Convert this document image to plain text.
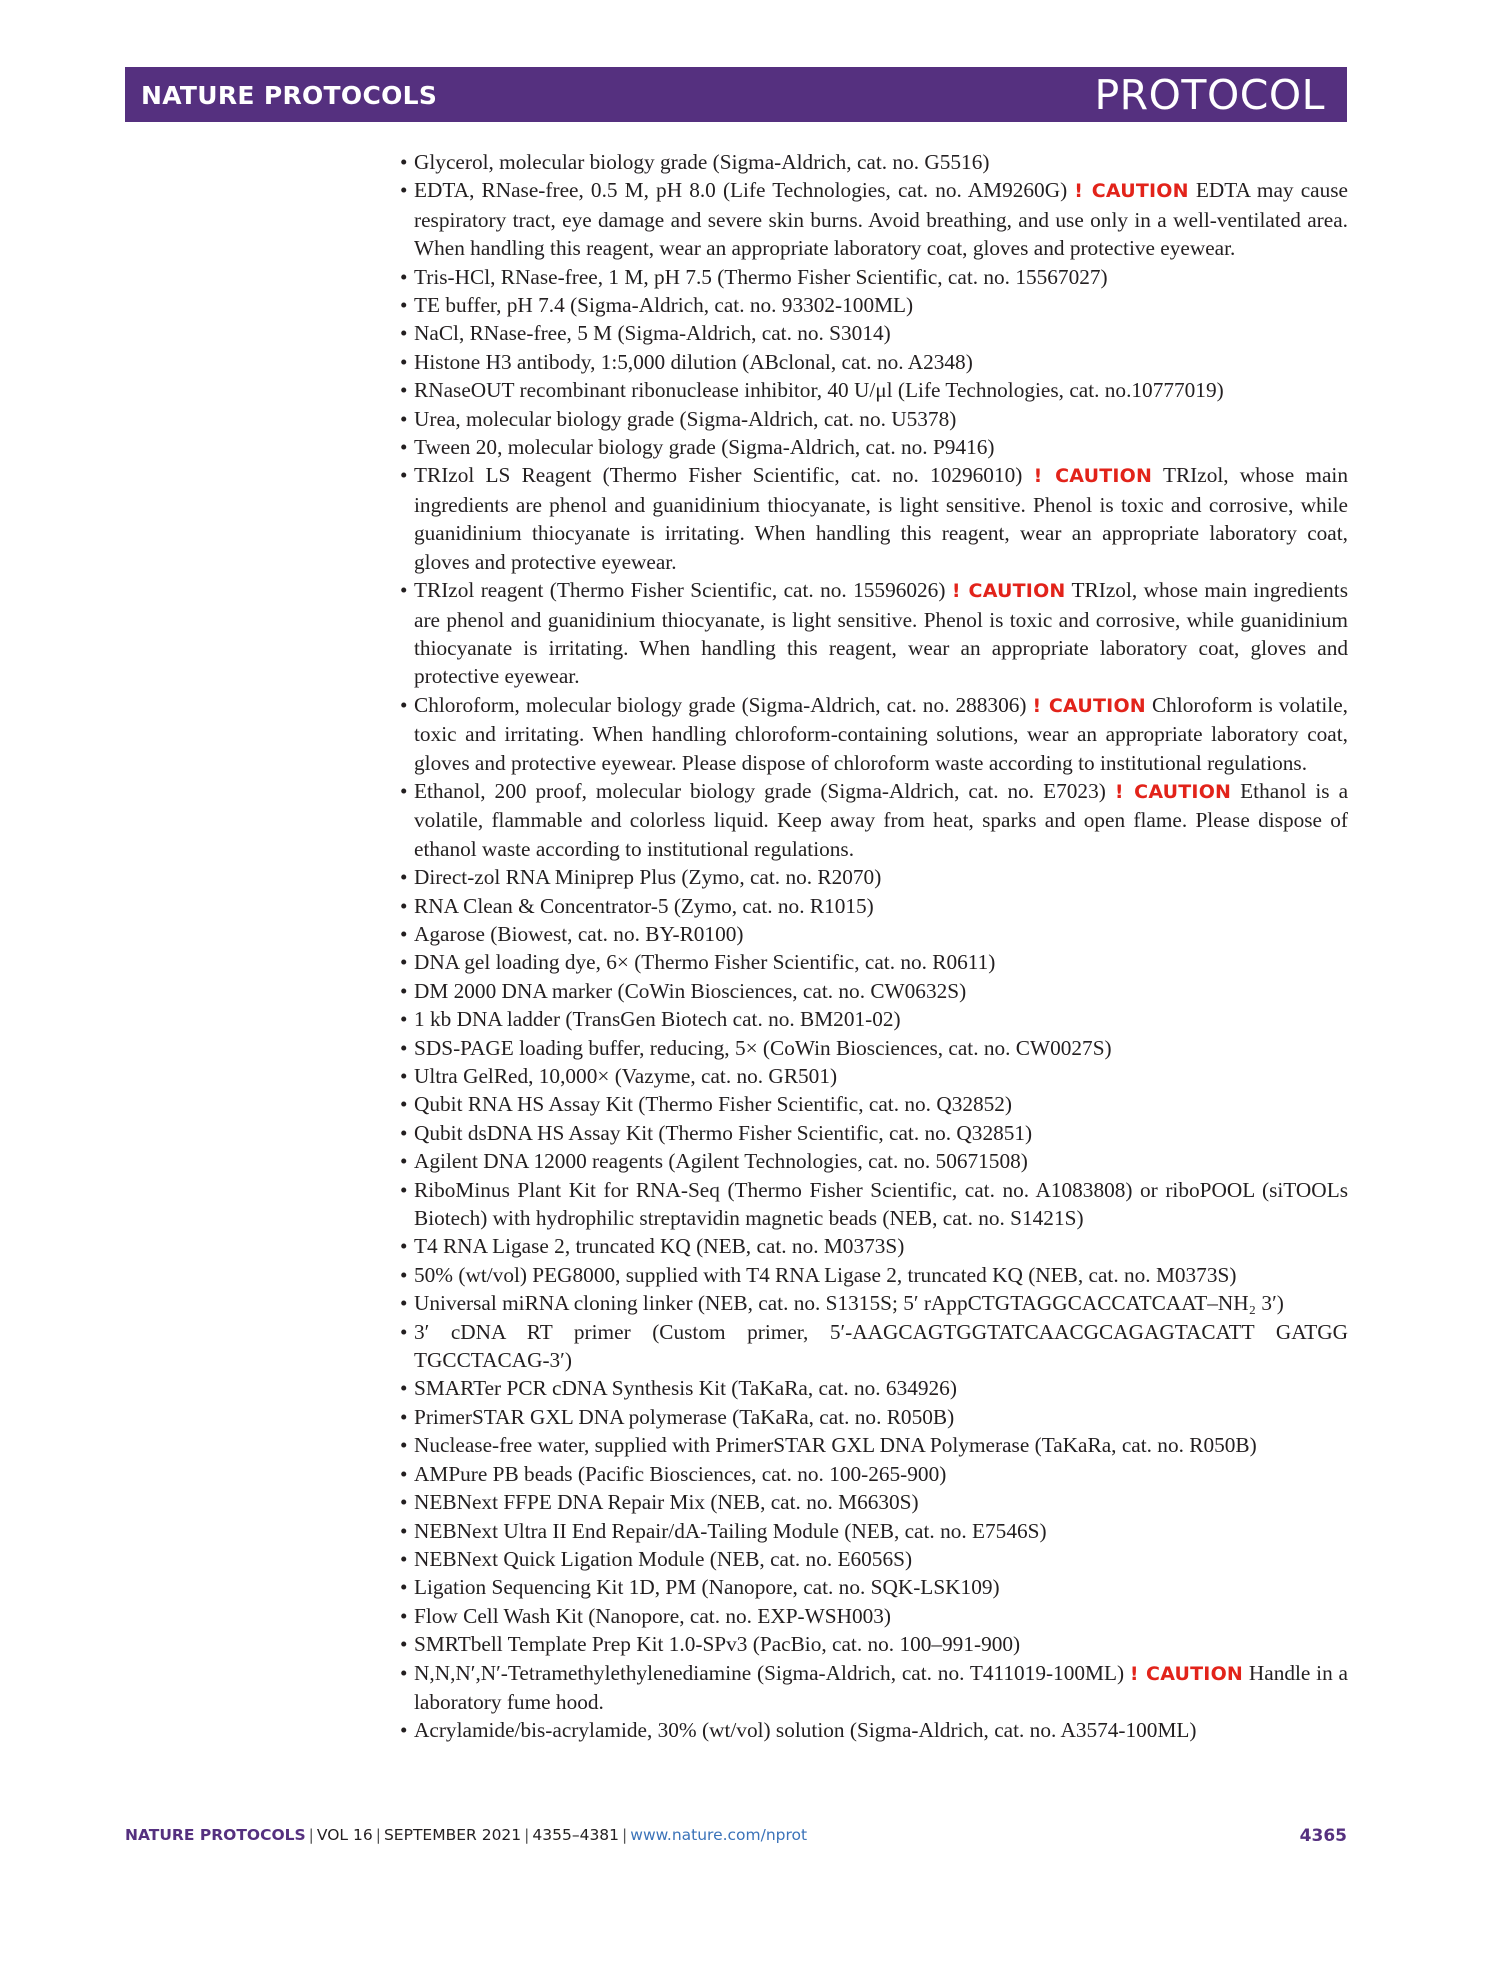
NATURE PROTOCOLS	PROTOCOL
• Glycerol, molecular biology grade (Sigma-Aldrich, cat. no. G5516)
• EDTA, RNase-free, 0.5 M, pH 8.0 (Life Technologies, cat. no. AM9260G) ! CAUTION EDTA may cause respiratory tract, eye damage and severe skin burns. Avoid breathing, and use only in a well-ventilated area. When handling this reagent, wear an appropriate laboratory coat, gloves and protective eyewear.
• Tris-HCl, RNase-free, 1 M, pH 7.5 (Thermo Fisher Scientific, cat. no. 15567027)
• TE buffer, pH 7.4 (Sigma-Aldrich, cat. no. 93302-100ML)
• NaCl, RNase-free, 5 M (Sigma-Aldrich, cat. no. S3014)
• Histone H3 antibody, 1:5,000 dilution (ABclonal, cat. no. A2348)
• RNaseOUT recombinant ribonuclease inhibitor, 40 U/μl (Life Technologies, cat. no.10777019)
• Urea, molecular biology grade (Sigma-Aldrich, cat. no. U5378)
• Tween 20, molecular biology grade (Sigma-Aldrich, cat. no. P9416)
• TRIzol LS Reagent (Thermo Fisher Scientific, cat. no. 10296010) ! CAUTION TRIzol, whose main ingredients are phenol and guanidinium thiocyanate, is light sensitive. Phenol is toxic and corrosive, while guanidinium thiocyanate is irritating. When handling this reagent, wear an appropriate laboratory coat, gloves and protective eyewear.
• TRIzol reagent (Thermo Fisher Scientific, cat. no. 15596026) ! CAUTION TRIzol, whose main ingredients are phenol and guanidinium thiocyanate, is light sensitive. Phenol is toxic and corrosive, while guanidinium thiocyanate is irritating. When handling this reagent, wear an appropriate laboratory coat, gloves and protective eyewear.
• Chloroform, molecular biology grade (Sigma-Aldrich, cat. no. 288306) ! CAUTION Chloroform is volatile, toxic and irritating. When handling chloroform-containing solutions, wear an appropriate laboratory coat, gloves and protective eyewear. Please dispose of chloroform waste according to institutional regulations.
• Ethanol, 200 proof, molecular biology grade (Sigma-Aldrich, cat. no. E7023) ! CAUTION Ethanol is a volatile, flammable and colorless liquid. Keep away from heat, sparks and open flame. Please dispose of ethanol waste according to institutional regulations.
• Direct-zol RNA Miniprep Plus (Zymo, cat. no. R2070)
• RNA Clean & Concentrator-5 (Zymo, cat. no. R1015)
• Agarose (Biowest, cat. no. BY-R0100)
• DNA gel loading dye, 6× (Thermo Fisher Scientific, cat. no. R0611)
• DM 2000 DNA marker (CoWin Biosciences, cat. no. CW0632S)
• 1 kb DNA ladder (TransGen Biotech cat. no. BM201-02)
• SDS-PAGE loading buffer, reducing, 5× (CoWin Biosciences, cat. no. CW0027S)
• Ultra GelRed, 10,000× (Vazyme, cat. no. GR501)
• Qubit RNA HS Assay Kit (Thermo Fisher Scientific, cat. no. Q32852)
• Qubit dsDNA HS Assay Kit (Thermo Fisher Scientific, cat. no. Q32851)
• Agilent DNA 12000 reagents (Agilent Technologies, cat. no. 50671508)
• RiboMinus Plant Kit for RNA-Seq (Thermo Fisher Scientific, cat. no. A1083808) or riboPOOL (siTOOLs Biotech) with hydrophilic streptavidin magnetic beads (NEB, cat. no. S1421S)
• T4 RNA Ligase 2, truncated KQ (NEB, cat. no. M0373S)
• 50% (wt/vol) PEG8000, supplied with T4 RNA Ligase 2, truncated KQ (NEB, cat. no. M0373S)
• Universal miRNA cloning linker (NEB, cat. no. S1315S; 5′ rAppCTGTAGGCACCATCAAT–NH₂ 3′)
• 3′ cDNA RT primer (Custom primer, 5′-AAGCAGTGGTATCAACGCAGAGTACATT GATGG TGCCTACAG-3′)
• SMARTer PCR cDNA Synthesis Kit (TaKaRa, cat. no. 634926)
• PrimerSTAR GXL DNA polymerase (TaKaRa, cat. no. R050B)
• Nuclease-free water, supplied with PrimerSTAR GXL DNA Polymerase (TaKaRa, cat. no. R050B)
• AMPure PB beads (Pacific Biosciences, cat. no. 100-265-900)
• NEBNext FFPE DNA Repair Mix (NEB, cat. no. M6630S)
• NEBNext Ultra II End Repair/dA-Tailing Module (NEB, cat. no. E7546S)
• NEBNext Quick Ligation Module (NEB, cat. no. E6056S)
• Ligation Sequencing Kit 1D, PM (Nanopore, cat. no. SQK-LSK109)
• Flow Cell Wash Kit (Nanopore, cat. no. EXP-WSH003)
• SMRTbell Template Prep Kit 1.0-SPv3 (PacBio, cat. no. 100–991-900)
• N,N,N′,N′-Tetramethylethylenediamine (Sigma-Aldrich, cat. no. T411019-100ML) ! CAUTION Handle in a laboratory fume hood.
• Acrylamide/bis-acrylamide, 30% (wt/vol) solution (Sigma-Aldrich, cat. no. A3574-100ML)
NATURE PROTOCOLS | VOL 16 | SEPTEMBER 2021 | 4355–4381 | www.nature.com/nprot	4365
